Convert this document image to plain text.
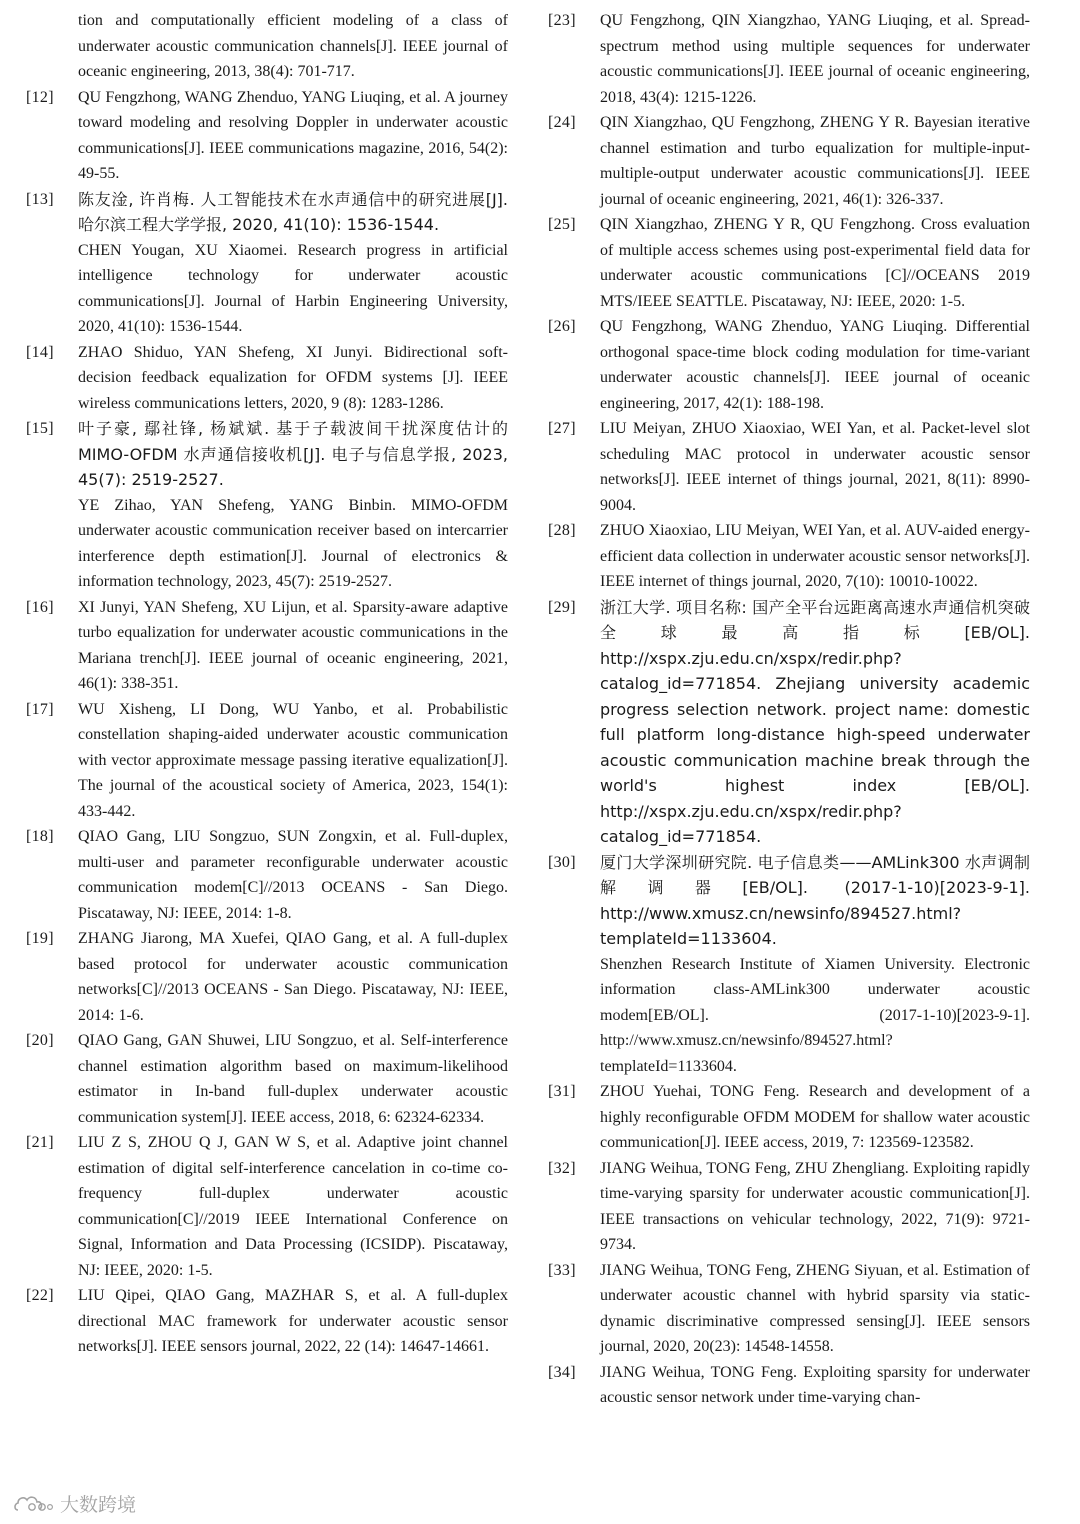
tion and computationally efficient modeling of a class of underwater acoustic communication channels[J]. IEEE journal of oceanic engineering, 2013, 38(4): 701-717.
[12]	QU Fengzhong, WANG Zhenduo, YANG Liuqing, et al. A journey toward modeling and resolving Doppler in underwater acoustic communications[J]. IEEE communications magazine, 2016, 54(2): 49-55.
[13]	陈友淦, 许肖梅. 人工智能技术在水声通信中的研究进展[J]. 哈尔滨工程大学学报, 2020, 41(10): 1536-1544.
CHEN Yougan, XU Xiaomei. Research progress in artificial intelligence technology for underwater acoustic communications[J]. Journal of Harbin Engineering University, 2020, 41(10): 1536-1544.
[14]	ZHAO Shiduo, YAN Shefeng, XI Junyi. Bidirectional soft-decision feedback equalization for OFDM systems [J]. IEEE wireless communications letters, 2020, 9 (8): 1283-1286.
[15]	叶子豪, 鄢社锋, 杨斌斌. 基于子载波间干扰深度估计的 MIMO-OFDM 水声通信接收机[J]. 电子与信息学报, 2023, 45(7): 2519-2527.
YE Zihao, YAN Shefeng, YANG Binbin. MIMO-OFDM underwater acoustic communication receiver based on intercarrier interference depth estimation[J]. Journal of electronics & information technology, 2023, 45(7): 2519-2527.
[16]	XI Junyi, YAN Shefeng, XU Lijun, et al. Sparsity-aware adaptive turbo equalization for underwater acoustic communications in the Mariana trench[J]. IEEE journal of oceanic engineering, 2021, 46(1): 338-351.
[17]	WU Xisheng, LI Dong, WU Yanbo, et al. Probabilistic constellation shaping-aided underwater acoustic communication with vector approximate message passing iterative equalization[J]. The journal of the acoustical society of America, 2023, 154(1): 433-442.
[18]	QIAO Gang, LIU Songzuo, SUN Zongxin, et al. Full-duplex, multi-user and parameter reconfigurable underwater acoustic communication modem[C]//2013 OCEANS - San Diego. Piscataway, NJ: IEEE, 2014: 1-8.
[19]	ZHANG Jiarong, MA Xuefei, QIAO Gang, et al. A full-duplex based protocol for underwater acoustic communication networks[C]//2013 OCEANS - San Diego. Piscataway, NJ: IEEE, 2014: 1-6.
[20]	QIAO Gang, GAN Shuwei, LIU Songzuo, et al. Self-interference channel estimation algorithm based on maximum-likelihood estimator in In-band full-duplex underwater acoustic communication system[J]. IEEE access, 2018, 6: 62324-62334.
[21]	LIU Z S, ZHOU Q J, GAN W S, et al. Adaptive joint channel estimation of digital self-interference cancelation in co-time co-frequency full-duplex underwater acoustic communication[C]//2019 IEEE International Conference on Signal, Information and Data Processing (ICSIDP). Piscataway, NJ: IEEE, 2020: 1-5.
[22]	LIU Qipei, QIAO Gang, MAZHAR S, et al. A full-duplex directional MAC framework for underwater acoustic sensor networks[J]. IEEE sensors journal, 2022, 22 (14): 14647-14661.
[23]	QU Fengzhong, QIN Xiangzhao, YANG Liuqing, et al. Spread-spectrum method using multiple sequences for underwater acoustic communications[J]. IEEE journal of oceanic engineering, 2018, 43(4): 1215-1226.
[24]	QIN Xiangzhao, QU Fengzhong, ZHENG Y R. Bayesian iterative channel estimation and turbo equalization for multiple-input-multiple-output underwater acoustic communications[J]. IEEE journal of oceanic engineering, 2021, 46(1): 326-337.
[25]	QIN Xiangzhao, ZHENG Y R, QU Fengzhong. Cross evaluation of multiple access schemes using post-experimental field data for underwater acoustic communications [C]//OCEANS 2019 MTS/IEEE SEATTLE. Piscataway, NJ: IEEE, 2020: 1-5.
[26]	QU Fengzhong, WANG Zhenduo, YANG Liuqing. Differential orthogonal space-time block coding modulation for time-variant underwater acoustic channels[J]. IEEE journal of oceanic engineering, 2017, 42(1): 188-198.
[27]	LIU Meiyan, ZHUO Xiaoxiao, WEI Yan, et al. Packet-level slot scheduling MAC protocol in underwater acoustic sensor networks[J]. IEEE internet of things journal, 2021, 8(11): 8990-9004.
[28]	ZHUO Xiaoxiao, LIU Meiyan, WEI Yan, et al. AUV-aided energy-efficient data collection in underwater acoustic sensor networks[J]. IEEE internet of things journal, 2020, 7(10): 10010-10022.
[29]	浙江大学. 项目名称: 国产全平台远距离高速水声通信机突破全球最高指标[EB/OL]. http://xspx.zju.edu.cn/xspx/redir.php?catalog_id=771854. Zhejiang university academic progress selection network. project name: domestic full platform long-distance high-speed underwater acoustic communication machine break through the world's highest index [EB/OL]. http://xspx.zju.edu.cn/xspx/redir.php?catalog_id=771854.
[30]	厦门大学深圳研究院. 电子信息类——AMLink300 水声调制解调器[EB/OL]. (2017-1-10)[2023-9-1]. http://www.xmusz.cn/newsinfo/894527.html?templateId=1133604.
Shenzhen Research Institute of Xiamen University. Electronic information class-AMLink300 underwater acoustic modem[EB/OL]. (2017-1-10)[2023-9-1]. http://www.xmusz.cn/newsinfo/894527.html? templateId=1133604.
[31]	ZHOU Yuehai, TONG Feng. Research and development of a highly reconfigurable OFDM MODEM for shallow water acoustic communication[J]. IEEE access, 2019, 7: 123569-123582.
[32]	JIANG Weihua, TONG Feng, ZHU Zhengliang. Exploiting rapidly time-varying sparsity for underwater acoustic communication[J]. IEEE transactions on vehicular technology, 2022, 71(9): 9721-9734.
[33]	JIANG Weihua, TONG Feng, ZHENG Siyuan, et al. Estimation of underwater acoustic channel with hybrid sparsity via static-dynamic discriminative compressed sensing[J]. IEEE sensors journal, 2020, 20(23): 14548-14558.
[34]	JIANG Weihua, TONG Feng. Exploiting sparsity for underwater acoustic sensor network under time-varying chan-
大数跨境
